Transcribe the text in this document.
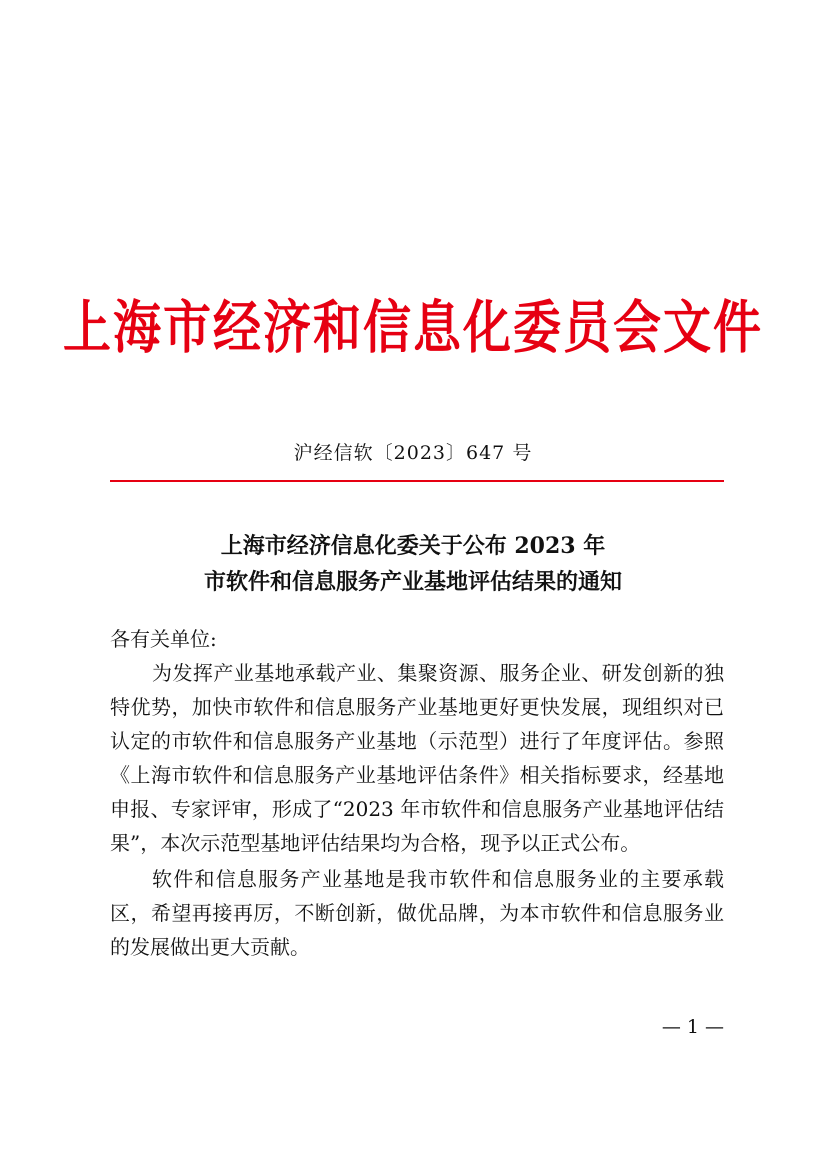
上海市经济和信息化委员会文件
沪经信软〔2023〕647 号
上海市经济信息化委关于公布 2023 年
市软件和信息服务产业基地评估结果的通知

各有关单位:

为发挥产业基地承载产业、集聚资源、服务企业、研发创新的独特优势，加快市软件和信息服务产业基地更好更快发展，现组织对已认定的市软件和信息服务产业基地（示范型）进行了年度评估。参照《上海市软件和信息服务产业基地评估条件》相关指标要求，经基地申报、专家评审，形成了“2023 年市软件和信息服务产业基地评估结果”，本次示范型基地评估结果均为合格，现予以正式公布。

软件和信息服务产业基地是我市软件和信息服务业的主要承载区，希望再接再厉，不断创新，做优品牌，为本市软件和信息服务业的发展做出更大贡献。

— 1 —
